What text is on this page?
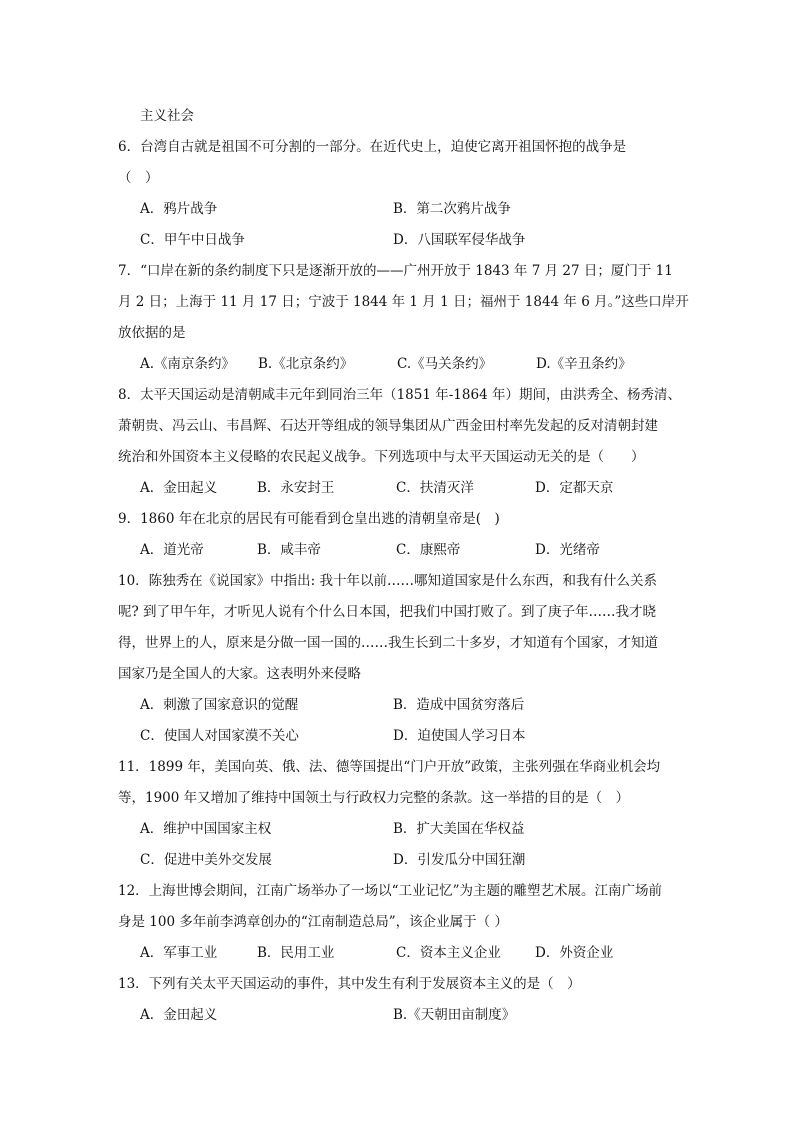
主义社会
6．台湾自古就是祖国不可分割的一部分。在近代史上，迫使它离开祖国怀抱的战争是
（　）
A．鸦片战争	B．第二次鸦片战争
C．甲午中日战争	D．八国联军侵华战争
7．“口岸在新的条约制度下只是逐渐开放的——广州开放于 1843 年 7 月 27 日；厦门于 11
月 2 日；上海于 11 月 17 日；宁波于 1844 年 1 月 1 日；福州于 1844 年 6 月。”这些口岸开
放依据的是
A.《南京条约》	B.《北京条约》	C.《马关条约》	D.《辛丑条约》
8．太平天国运动是清朝咸丰元年到同治三年（1851 年-1864 年）期间，由洪秀全、杨秀清、
萧朝贵、冯云山、韦昌辉、石达开等组成的领导集团从广西金田村率先发起的反对清朝封建
统治和外国资本主义侵略的农民起义战争。下列选项中与太平天国运动无关的是（　　）
A．金田起义	B．永安封王	C．扶清灭洋	D．定都天京
9．1860 年在北京的居民有可能看到仓皇出逃的清朝皇帝是(　)
A．道光帝	B．咸丰帝	C．康熙帝	D．光绪帝
10．陈独秀在《说国家》中指出: 我十年以前……哪知道国家是什么东西，和我有什么关系
呢? 到了甲午年，才听见人说有个什么日本国，把我们中国打败了。到了庚子年……我才晓
得，世界上的人，原来是分做一国一国的……我生长到二十多岁，才知道有个国家，才知道
国家乃是全国人的大家。这表明外来侵略
A．刺激了国家意识的觉醒	B．造成中国贫穷落后
C．使国人对国家漠不关心	D．迫使国人学习日本
11．1899 年，美国向英、俄、法、德等国提出“门户开放”政策，主张列强在华商业机会均
等，1900 年又增加了维持中国领土与行政权力完整的条款。这一举措的目的是（　）
A．维护中国国家主权	B．扩大美国在华权益
C．促进中美外交发展	D．引发瓜分中国狂潮
12．上海世博会期间，江南广场举办了一场以“工业记忆”为主题的雕塑艺术展。江南广场前
身是 100 多年前李鸿章创办的“江南制造总局”，该企业属于（ ）
A．军事工业	B．民用工业	C．资本主义企业	D．外资企业
13．下列有关太平天国运动的事件，其中发生有利于发展资本主义的是（　）
A．金田起义	B.《天朝田亩制度》
